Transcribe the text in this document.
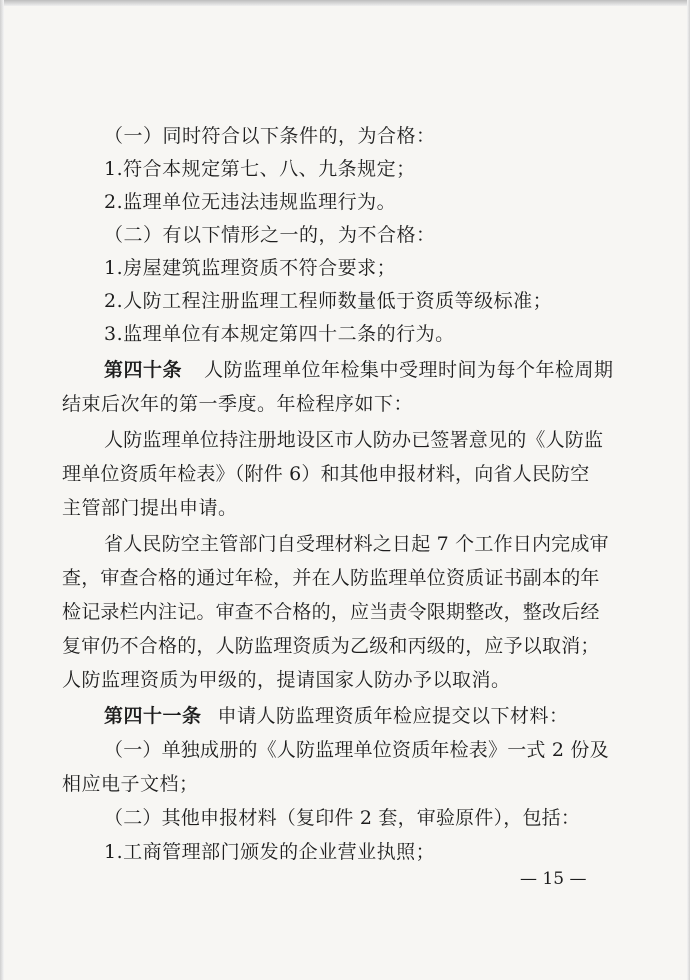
（一）同时符合以下条件的，为合格：
1.符合本规定第七、八、九条规定；
2.监理单位无违法违规监理行为。
（二）有以下情形之一的，为不合格：
1.房屋建筑监理资质不符合要求；
2.人防工程注册监理工程师数量低于资质等级标准；
3.监理单位有本规定第四十二条的行为。
第四十条 人防监理单位年检集中受理时间为每个年检周期
结束后次年的第一季度。年检程序如下：
人防监理单位持注册地设区市人防办已签署意见的《人防监
理单位资质年检表》（附件 6）和其他申报材料，向省人民防空
主管部门提出申请。
省人民防空主管部门自受理材料之日起 7 个工作日内完成审
查，审查合格的通过年检，并在人防监理单位资质证书副本的年
检记录栏内注记。审查不合格的，应当责令限期整改，整改后经
复审仍不合格的，人防监理资质为乙级和丙级的，应予以取消；
人防监理资质为甲级的，提请国家人防办予以取消。
第四十一条 申请人防监理资质年检应提交以下材料：
（一）单独成册的《人防监理单位资质年检表》一式 2 份及
相应电子文档；
（二）其他申报材料（复印件 2 套，审验原件），包括：
1.工商管理部门颁发的企业营业执照；
— 15 —
